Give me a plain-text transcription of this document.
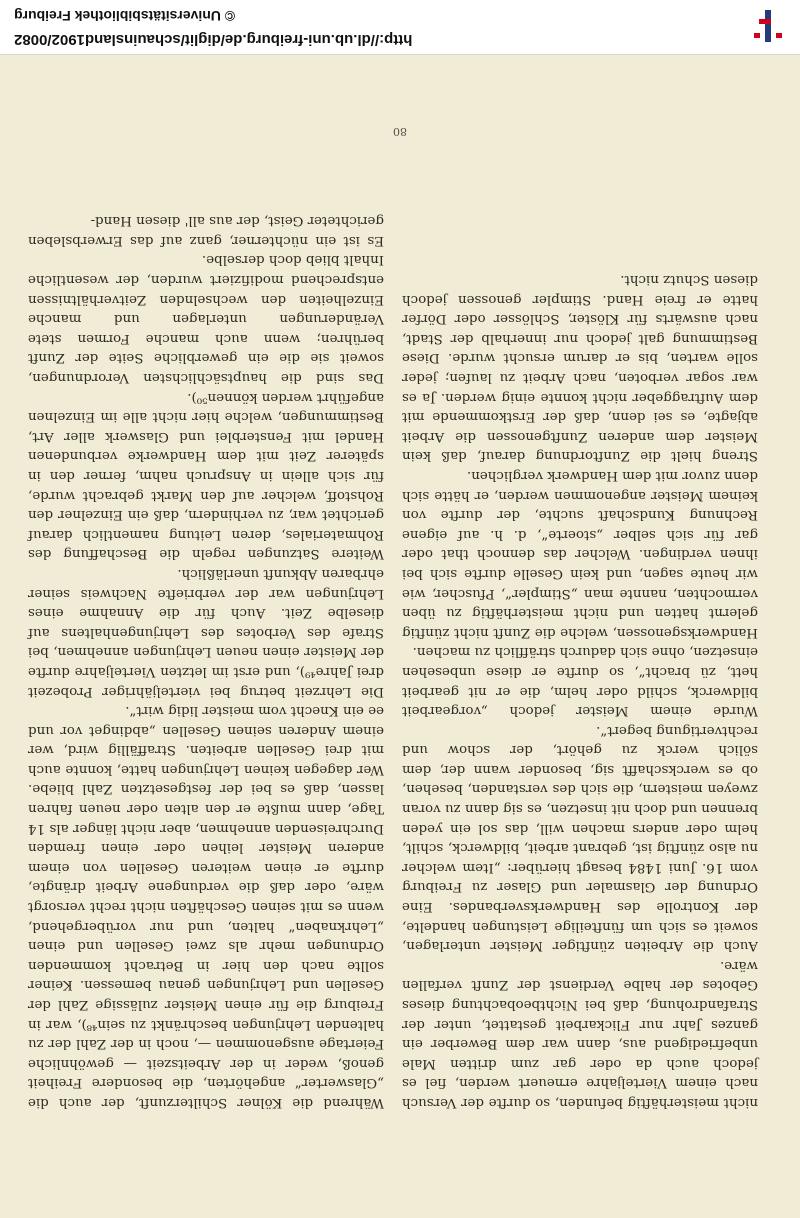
80

nicht meisterhäftig befunden, so durfte der Versuch nach einem Vierteljahre erneuert werden, fiel es jedoch auch da oder gar zum dritten Male unbefriedigend aus, dann war dem Bewerber ein ganzes Jahr nur Flickarbeit gestattet, unter der Strafandrohung, daß bei Nichtbeobachtung dieses Gebotes der halbe Verdienst der Zunft verfallen wäre.

Auch die Arbeiten zünftiger Meister unterlagen, soweit es sich um fünfteilige Leistungen handelte, der Kontrolle des Handwerksverbandes. Eine Ordnung der Glasmaler und Glaser zu Freiburg vom 16. Juni 1484 besagt hierüber: „Item welcher nu also zünftig ist, gebrant arbeit, bildwerck, schilt, helm oder anders machen will, das sol ein yeden brennen und doch nit insetzen, es sig dann zu voran zweyen meistern, die sich des verstanden, besehen, ob es werckschafft sig, besonder wann der, dem sölich werck zu gehört, der schow und rechtvertigung begert“.

Wurde einem Meister jedoch „vorgearbeit bildwerck, schild oder helm, die er nit gearbeit hett, zü bracht“, so durfte er diese unbesehen einsetzen, ohne sich dadurch sträfflich zu machen.

Handwerksgenossen, welche die Zunft nicht zünftig gelernt hatten und nicht meisterhäftig zu üben vermochten, nannte man „Stimpler“, Pfuscher, wie wir heute sagen, und kein Geselle durfte sich bei ihnen verdingen. Welcher das dennoch that oder gar für sich selber „stoerte“, d. h. auf eigene Rechnung Kundschaft suchte, der durfte von keinem Meister angenommen werden, er hätte sich denn zuvor mit dem Handwerk verglichen.

Streng hielt die Zunftordnung darauf, daß kein Meister dem anderen Zunftgenossen die Arbeit abjagte, es sei denn, daß der Erstkommende mit dem Auftraggeber nicht konnte einig werden. Ja es war sogar verboten, nach Arbeit zu laufen; jeder solle warten, bis er darum ersucht wurde. Diese Bestimmung galt jedoch nur innerhalb der Stadt, nach auswärts für Klöster, Schlösser oder Dörfer hatte er freie Hand. Stimpler genossen jedoch diesen Schutz nicht.

Während die Kölner Schilterzunft, der auch die „Glaswerter“ angehörten, die besondere Freiheit genoß, weder in der Arbeitszeit — gewöhnliche Feiertage ausgenommen —, noch in der Zahl der zu haltenden Lehrjungen beschränkt zu sein⁴⁸), war in Freiburg die für einen Meister zulässige Zahl der Gesellen und Lehrjungen genau bemessen. Keiner sollte nach den hier in Betracht kommenden Ordnungen mehr als zwei Gesellen und einen „Lehrknaben“ halten, und nur vorübergehend, wenn es mit seinen Geschäften nicht recht versorgt wäre, oder daß die verdungene Arbeit drängte, durfte er einen weiteren Gesellen von einem anderen Meister leihen oder einen fremden Durchreisenden annehmen, aber nicht länger als 14 Tage, dann mußte er den alten oder neuen fahren lassen, daß es bei der festgesetzten Zahl bliebe. Wer dagegen keinen Lehrjungen hatte, konnte auch mit drei Gesellen arbeiten. Straffällig wird, wer einem Anderen seinen Gesellen „abdinget vor und ee ein Knecht vom meister lidig wirt“.

Die Lehrzeit betrug bei vierteljähriger Probezeit drei Jahre⁴⁹), und erst im letzten Vierteljahre durfte der Meister einen neuen Lehrjungen annehmen, bei Strafe des Verbotes des Lehrjungenhaltens auf dieselbe Zeit. Auch für die Annahme eines Lehrjungen war der verbriefte Nachweis seiner ehrbaren Abkunft unerläßlich.

Weitere Satzungen regeln die Beschaffung des Rohmateriales, deren Leitung namentlich darauf gerichtet war, zu verhindern, daß ein Einzelner den Rohstoff, welcher auf den Markt gebracht wurde, für sich allein in Anspruch nahm, ferner den in späterer Zeit mit dem Handwerke verbundenen Handel mit Fensterblei und Glaswerk aller Art, Bestimmungen, welche hier nicht alle im Einzelnen angeführt werden können⁵⁰).

Das sind die hauptsächlichsten Verordnungen, soweit sie die ein gewerbliche Seite der Zunft berühren; wenn auch manche Formen stete Veränderungen unterlagen und manche Einzelheiten den wechselnden Zeitverhältnissen entsprechend modifiziert wurden, der wesentliche Inhalt blieb doch derselbe.

Es ist ein nüchterner, ganz auf das Erwerbsleben gerichteter Geist, der aus all' diesen Hand-

http://dl.ub.uni-freiburg.de/diglit/schauinsland1902/0082
© Universitätsbibliothek Freiburg
